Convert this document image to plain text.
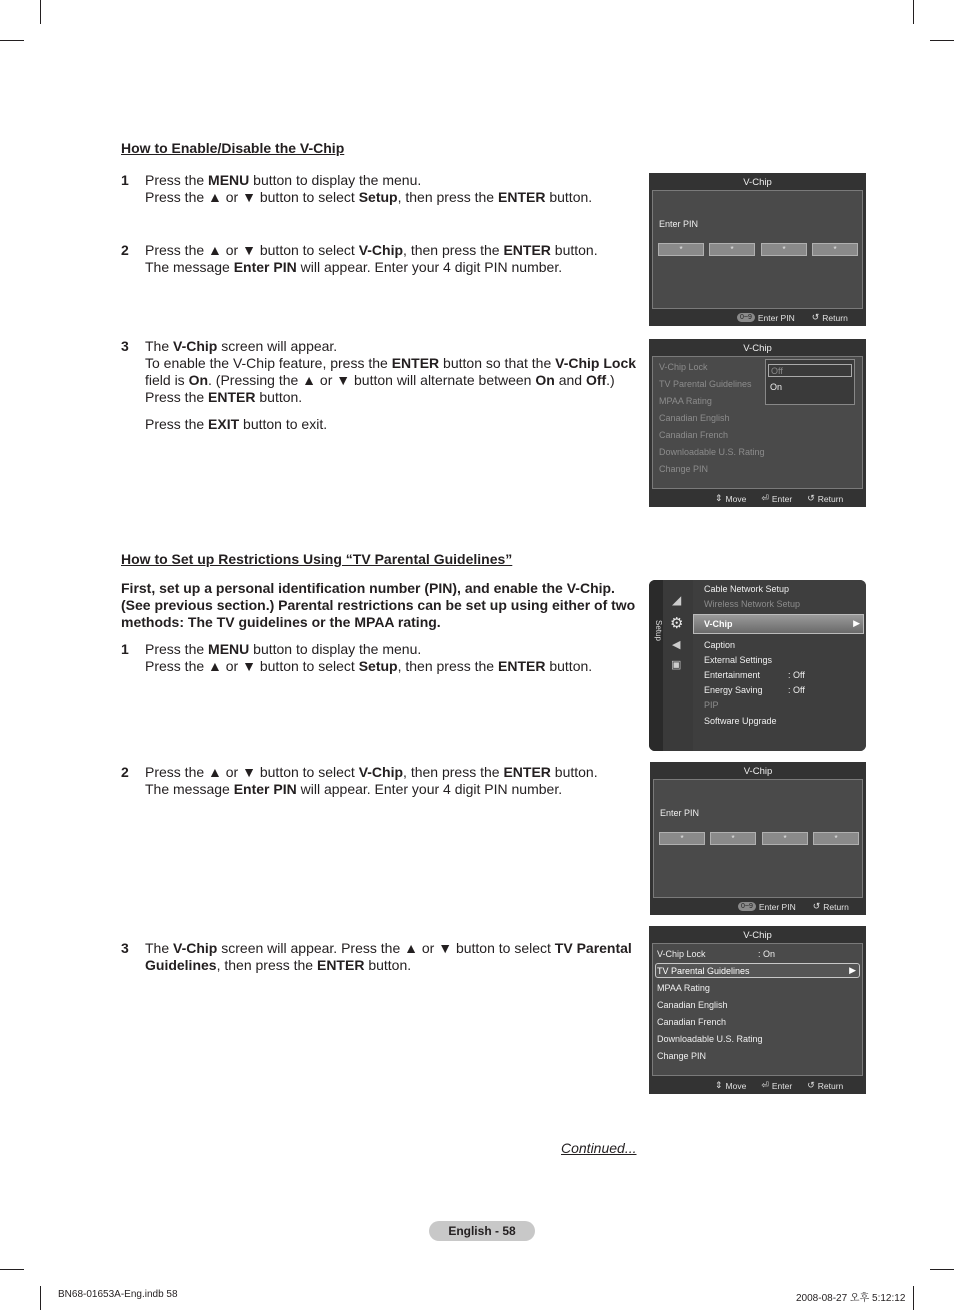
How to Enable/Disable the V-Chip
1 Press the MENU button to display the menu.

Press the ▲ or ▼ button to select Setup, then press the ENTER button.

2 Press the ▲ or ▼ button to select V-Chip, then press the ENTER button.

The message Enter PIN will appear. Enter your 4 digit PIN number.

3 The V-Chip screen will appear.

To enable the V-Chip feature, press the ENTER button so that the V-Chip Lock

field is On. (Pressing the ▲ or ▼ button will alternate between On and Off.)

Press the ENTER button.

Press the EXIT button to exit.

V-Chip
Enter PIN
*	*	*	*
0~9 Enter PIN ↺ Return
V-Chip
V-Chip Lock
TV Parental Guidelines
MPAA Rating
Canadian English
Canadian French
Downloadable U.S. Rating
Change PIN
Off
On
⇕ Move ⏎ Enter ↺ Return
How to Set up Restrictions Using “TV Parental Guidelines”

First, set up a personal identification number (PIN), and enable the V-Chip.

(See previous section.) Parental restrictions can be set up using either of two

methods: The TV guidelines or the MPAA rating.

1 Press the MENU button to display the menu.

Press the ▲ or ▼ button to select Setup, then press the ENTER button.

2 Press the ▲ or ▼ button to select V-Chip, then press the ENTER button.

The message Enter PIN will appear. Enter your 4 digit PIN number.

3 The V-Chip screen will appear. Press the ▲ or ▼ button to select TV Parental

Guidelines, then press the ENTER button.

Setup
◢
⚙
◀
▣
Cable Network Setup
Wireless Network Setup
V-Chip	▶
Caption
External Settings
Entertainment	: Off
Energy Saving	: Off
PIP
Software Upgrade
V-Chip
Enter PIN
*	*	*	*
0~9 Enter PIN ↺ Return
V-Chip
V-Chip Lock	: On
TV Parental Guidelines	▶
MPAA Rating
Canadian English
Canadian French
Downloadable U.S. Rating
Change PIN
⇕ Move ⏎ Enter ↺ Return
Continued...
English - 58
BN68-01653A-Eng.indb 58	2008-08-27 오후 5:12:12
